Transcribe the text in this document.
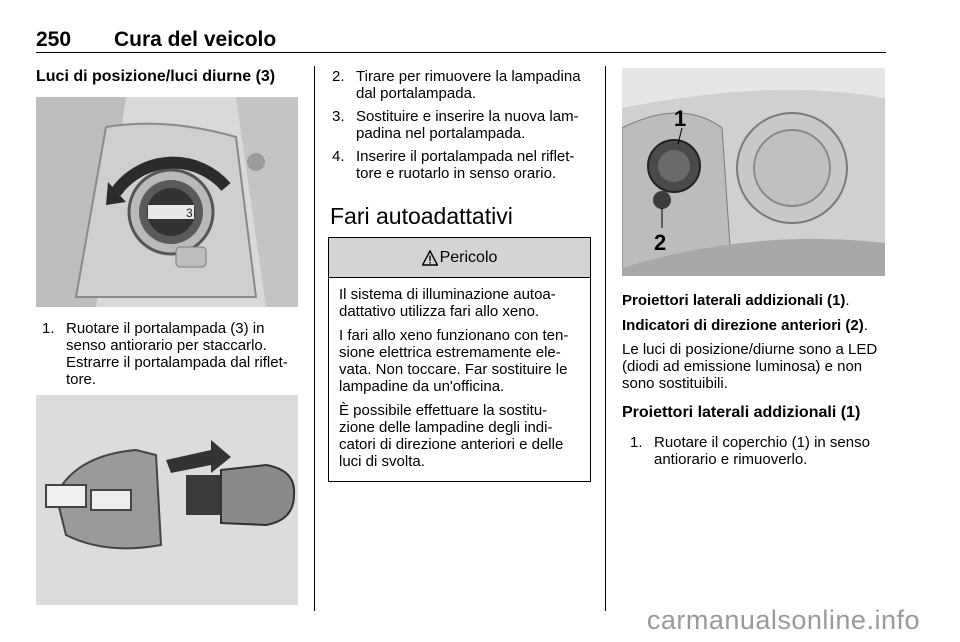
250 Cura del veicolo
Luci di posizione/luci diurne (3)
3
1. Ruotare il portalampada (3) in senso antiorario per staccarlo. Estrarre il portalampada dal riflet-tore.
2. Tirare per rimuovere la lampadina dal portalampada.
3. Sostituire e inserire la nuova lam-padina nel portalampada.
4. Inserire il portalampada nel riflet-tore e ruotarlo in senso orario.
Fari autoadattativi
Pericolo

Il sistema di illuminazione autoa-dattativo utilizza fari allo xeno.

I fari allo xeno funzionano con ten-sione elettrica estremamente ele-vata. Non toccare. Far sostituire le lampadine da un'officina.

È possibile effettuare la sostitu-zione delle lampadine degli indi-catori di direzione anteriori e delle luci di svolta.

1
2
Proiettori laterali addizionali (1).
Indicatori di direzione anteriori (2).
Le luci di posizione/diurne sono a LED (diodi ad emissione luminosa) e non sono sostituibili.
Proiettori laterali addizionali (1)
1. Ruotare il coperchio (1) in senso antiorario e rimuoverlo.
carmanualsonline.info
